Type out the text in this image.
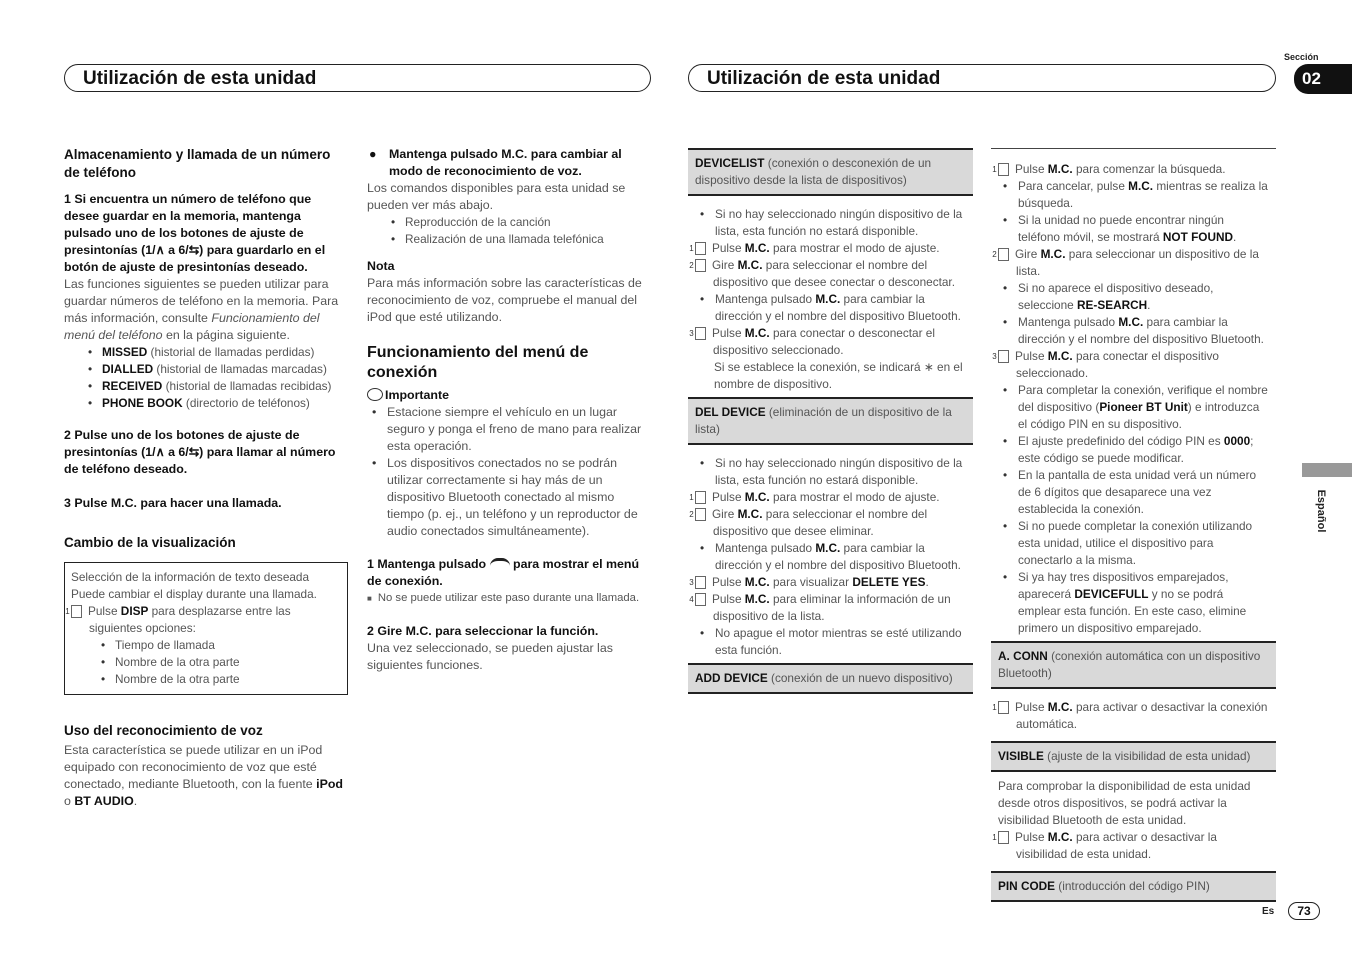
Utilización de esta unidad	Utilización de esta unidad
Sección
02
Español
Es	73

Almacenamiento y llamada de un número de teléfono

1 Si encuentra un número de teléfono que desee guardar en la memoria, mantenga pulsado uno de los botones de ajuste de presintonías (1/∧ a 6/⇆) para guardarlo en el botón de ajuste de presintonías deseado.

Las funciones siguientes se pueden utilizar para guardar números de teléfono en la memoria. Para más información, consulte Funcionamiento del menú del teléfono en la página siguiente.

• MISSED (historial de llamadas perdidas)
• DIALLED (historial de llamadas marcadas)
• RECEIVED (historial de llamadas recibidas)
• PHONE BOOK (directorio de teléfonos)

2 Pulse uno de los botones de ajuste de presintonías (1/∧ a 6/⇆) para llamar al número de teléfono deseado.

3 Pulse M.C. para hacer una llamada.

Cambio de la visualización

Selección de la información de texto deseada

Puede cambiar el display durante una llamada.

1 Pulse DISP para desplazarse entre las siguientes opciones:

• Tiempo de llamada
• Nombre de la otra parte
• Nombre de la otra parte

Uso del reconocimiento de voz

Esta característica se puede utilizar en un iPod equipado con reconocimiento de voz que esté conectado, mediante Bluetooth, con la fuente iPod o BT AUDIO.

● Mantenga pulsado M.C. para cambiar al modo de reconocimiento de voz.

Los comandos disponibles para esta unidad se pueden ver más abajo.

• Reproducción de la canción
• Realización de una llamada telefónica

Nota

Para más información sobre las características de reconocimiento de voz, compruebe el manual del iPod que esté utilizando.

Funcionamiento del menú de conexión

Importante

• Estacione siempre el vehículo en un lugar seguro y ponga el freno de mano para realizar esta operación.
• Los dispositivos conectados no se podrán utilizar correctamente si hay más de un dispositivo Bluetooth conectado al mismo tiempo (p. ej., un teléfono y un reproductor de audio conectados simultáneamente).

1 Mantenga pulsado para mostrar el menú de conexión.

■ No se puede utilizar este paso durante una llamada.

2 Gire M.C. para seleccionar la función.

Una vez seleccionado, se pueden ajustar las siguientes funciones.

DEVICELIST (conexión o desconexión de un dispositivo desde la lista de dispositivos)

• Si no hay seleccionado ningún dispositivo de la lista, esta función no estará disponible.

1 Pulse M.C. para mostrar el modo de ajuste.

2 Gire M.C. para seleccionar el nombre del dispositivo que desee conectar o desconectar.

• Mantenga pulsado M.C. para cambiar la dirección y el nombre del dispositivo Bluetooth.

3 Pulse M.C. para conectar o desconectar el dispositivo seleccionado.

Si se establece la conexión, se indicará ∗ en el nombre de dispositivo.

DEL DEVICE (eliminación de un dispositivo de la lista)

• Si no hay seleccionado ningún dispositivo de la lista, esta función no estará disponible.

1 Pulse M.C. para mostrar el modo de ajuste.

2 Gire M.C. para seleccionar el nombre del dispositivo que desee eliminar.

• Mantenga pulsado M.C. para cambiar la dirección y el nombre del dispositivo Bluetooth.

3 Pulse M.C. para visualizar DELETE YES.

4 Pulse M.C. para eliminar la información de un dispositivo de la lista.

• No apague el motor mientras se esté utilizando esta función.

ADD DEVICE (conexión de un nuevo dispositivo)

1 Pulse M.C. para comenzar la búsqueda.

• Para cancelar, pulse M.C. mientras se realiza la búsqueda.
• Si la unidad no puede encontrar ningún teléfono móvil, se mostrará NOT FOUND.

2 Gire M.C. para seleccionar un dispositivo de la lista.

• Si no aparece el dispositivo deseado, seleccione RE-SEARCH.
• Mantenga pulsado M.C. para cambiar la dirección y el nombre del dispositivo Bluetooth.

3 Pulse M.C. para conectar el dispositivo seleccionado.

• Para completar la conexión, verifique el nombre del dispositivo (Pioneer BT Unit) e introduzca el código PIN en su dispositivo.
• El ajuste predefinido del código PIN es 0000; este código se puede modificar.
• En la pantalla de esta unidad verá un número de 6 dígitos que desaparece una vez establecida la conexión.
• Si no puede completar la conexión utilizando esta unidad, utilice el dispositivo para conectarlo a la misma.
• Si ya hay tres dispositivos emparejados, aparecerá DEVICEFULL y no se podrá emplear esta función. En este caso, elimine primero un dispositivo emparejado.

A. CONN (conexión automática con un dispositivo Bluetooth)

1 Pulse M.C. para activar o desactivar la conexión automática.

VISIBLE (ajuste de la visibilidad de esta unidad)

Para comprobar la disponibilidad de esta unidad desde otros dispositivos, se podrá activar la visibilidad Bluetooth de esta unidad.

1 Pulse M.C. para activar o desactivar la visibilidad de esta unidad.

PIN CODE (introducción del código PIN)
